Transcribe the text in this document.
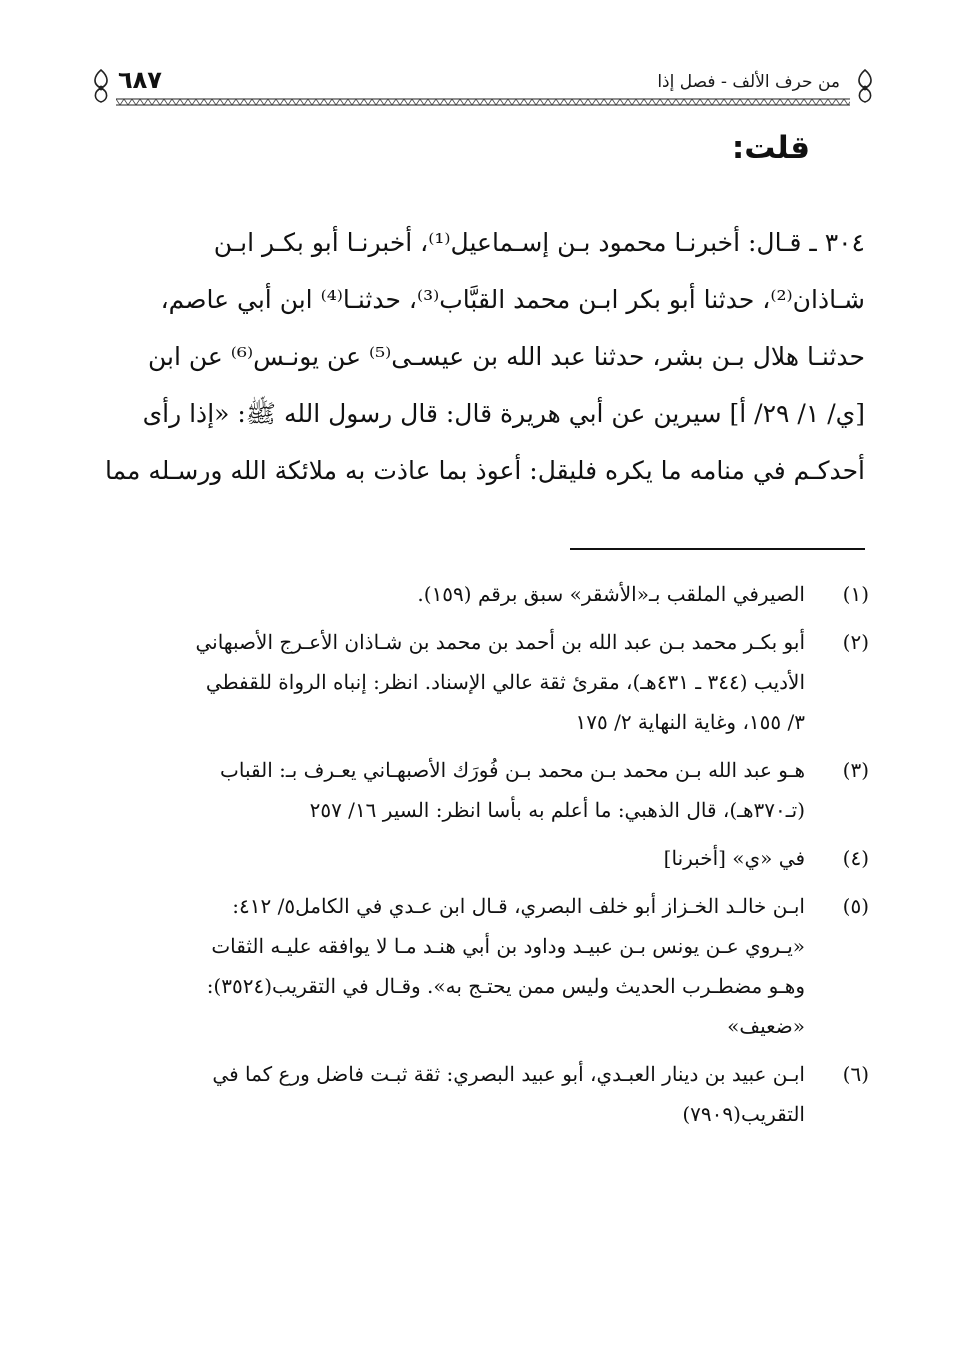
من حرف الألف - فصل إذا
٦٨٧
قلت:

٣٠٤ ـ قـال: أخبرنـا محمود بـن إسـماعيل⁽¹⁾، أخبرنـا أبو بكـر ابـن
شـاذان⁽²⁾، حدثنا أبو بكر ابـن محمد القبَّاب⁽³⁾، حدثنـا⁽⁴⁾ ابن أبي عاصم،
حدثنـا هلال بـن بشر، حدثنا عبد الله بن عيسـى⁽⁵⁾ عن يونـس⁽⁶⁾ عن ابن
[ي/ ١/ ٢٩/ أ] سيرين عن أبي هريرة قال: قال رسول الله ﷺ: «إذا رأى
أحدكـم في منامه ما يكره فليقل: أعوذ بما عاذت به ملائكة الله ورسـله مما

(١)
الصيرفي الملقب بـ«الأشقر» سبق برقم (١٥٩).
(٢)
أبو بكـر محمد بـن عبد الله بن أحمد بن محمد بن شـاذان الأعـرج الأصبهاني
الأديب (٣٤٤ ـ ٤٣١هـ)، مقرئ ثقة عالي الإسناد. انظر: إنباه الرواة للقفطي
٣/ ١٥٥، وغاية النهاية ٢/ ١٧٥
(٣)
هـو عبد الله بـن محمد بـن محمد بـن فُورَك الأصبهـاني يعـرف بـ: القباب
(تـ٣٧٠هـ)، قال الذهبي: ما أعلم به بأسا انظر: السير ١٦/ ٢٥٧
(٤)
في «ي» [أخبرنا]
(٥)
ابـن خالـد الخـزاز أبو خلف البصري، قـال ابن عـدي في الكامل٥/ ٤١٢:
«يـروي عـن يونس بـن عبيـد وداود بن أبي هنـد مـا لا يوافقه عليـه الثقات
وهـو مضطـرب الحديث وليس ممن يحتـج به». وقـال في التقريب(٣٥٢٤):
«ضعيف»
(٦)
ابـن عبيد بن دينار العبـدي، أبو عبيد البصري: ثقة ثبـت فاضل ورع كما في
التقريب(٧٩٠٩)
